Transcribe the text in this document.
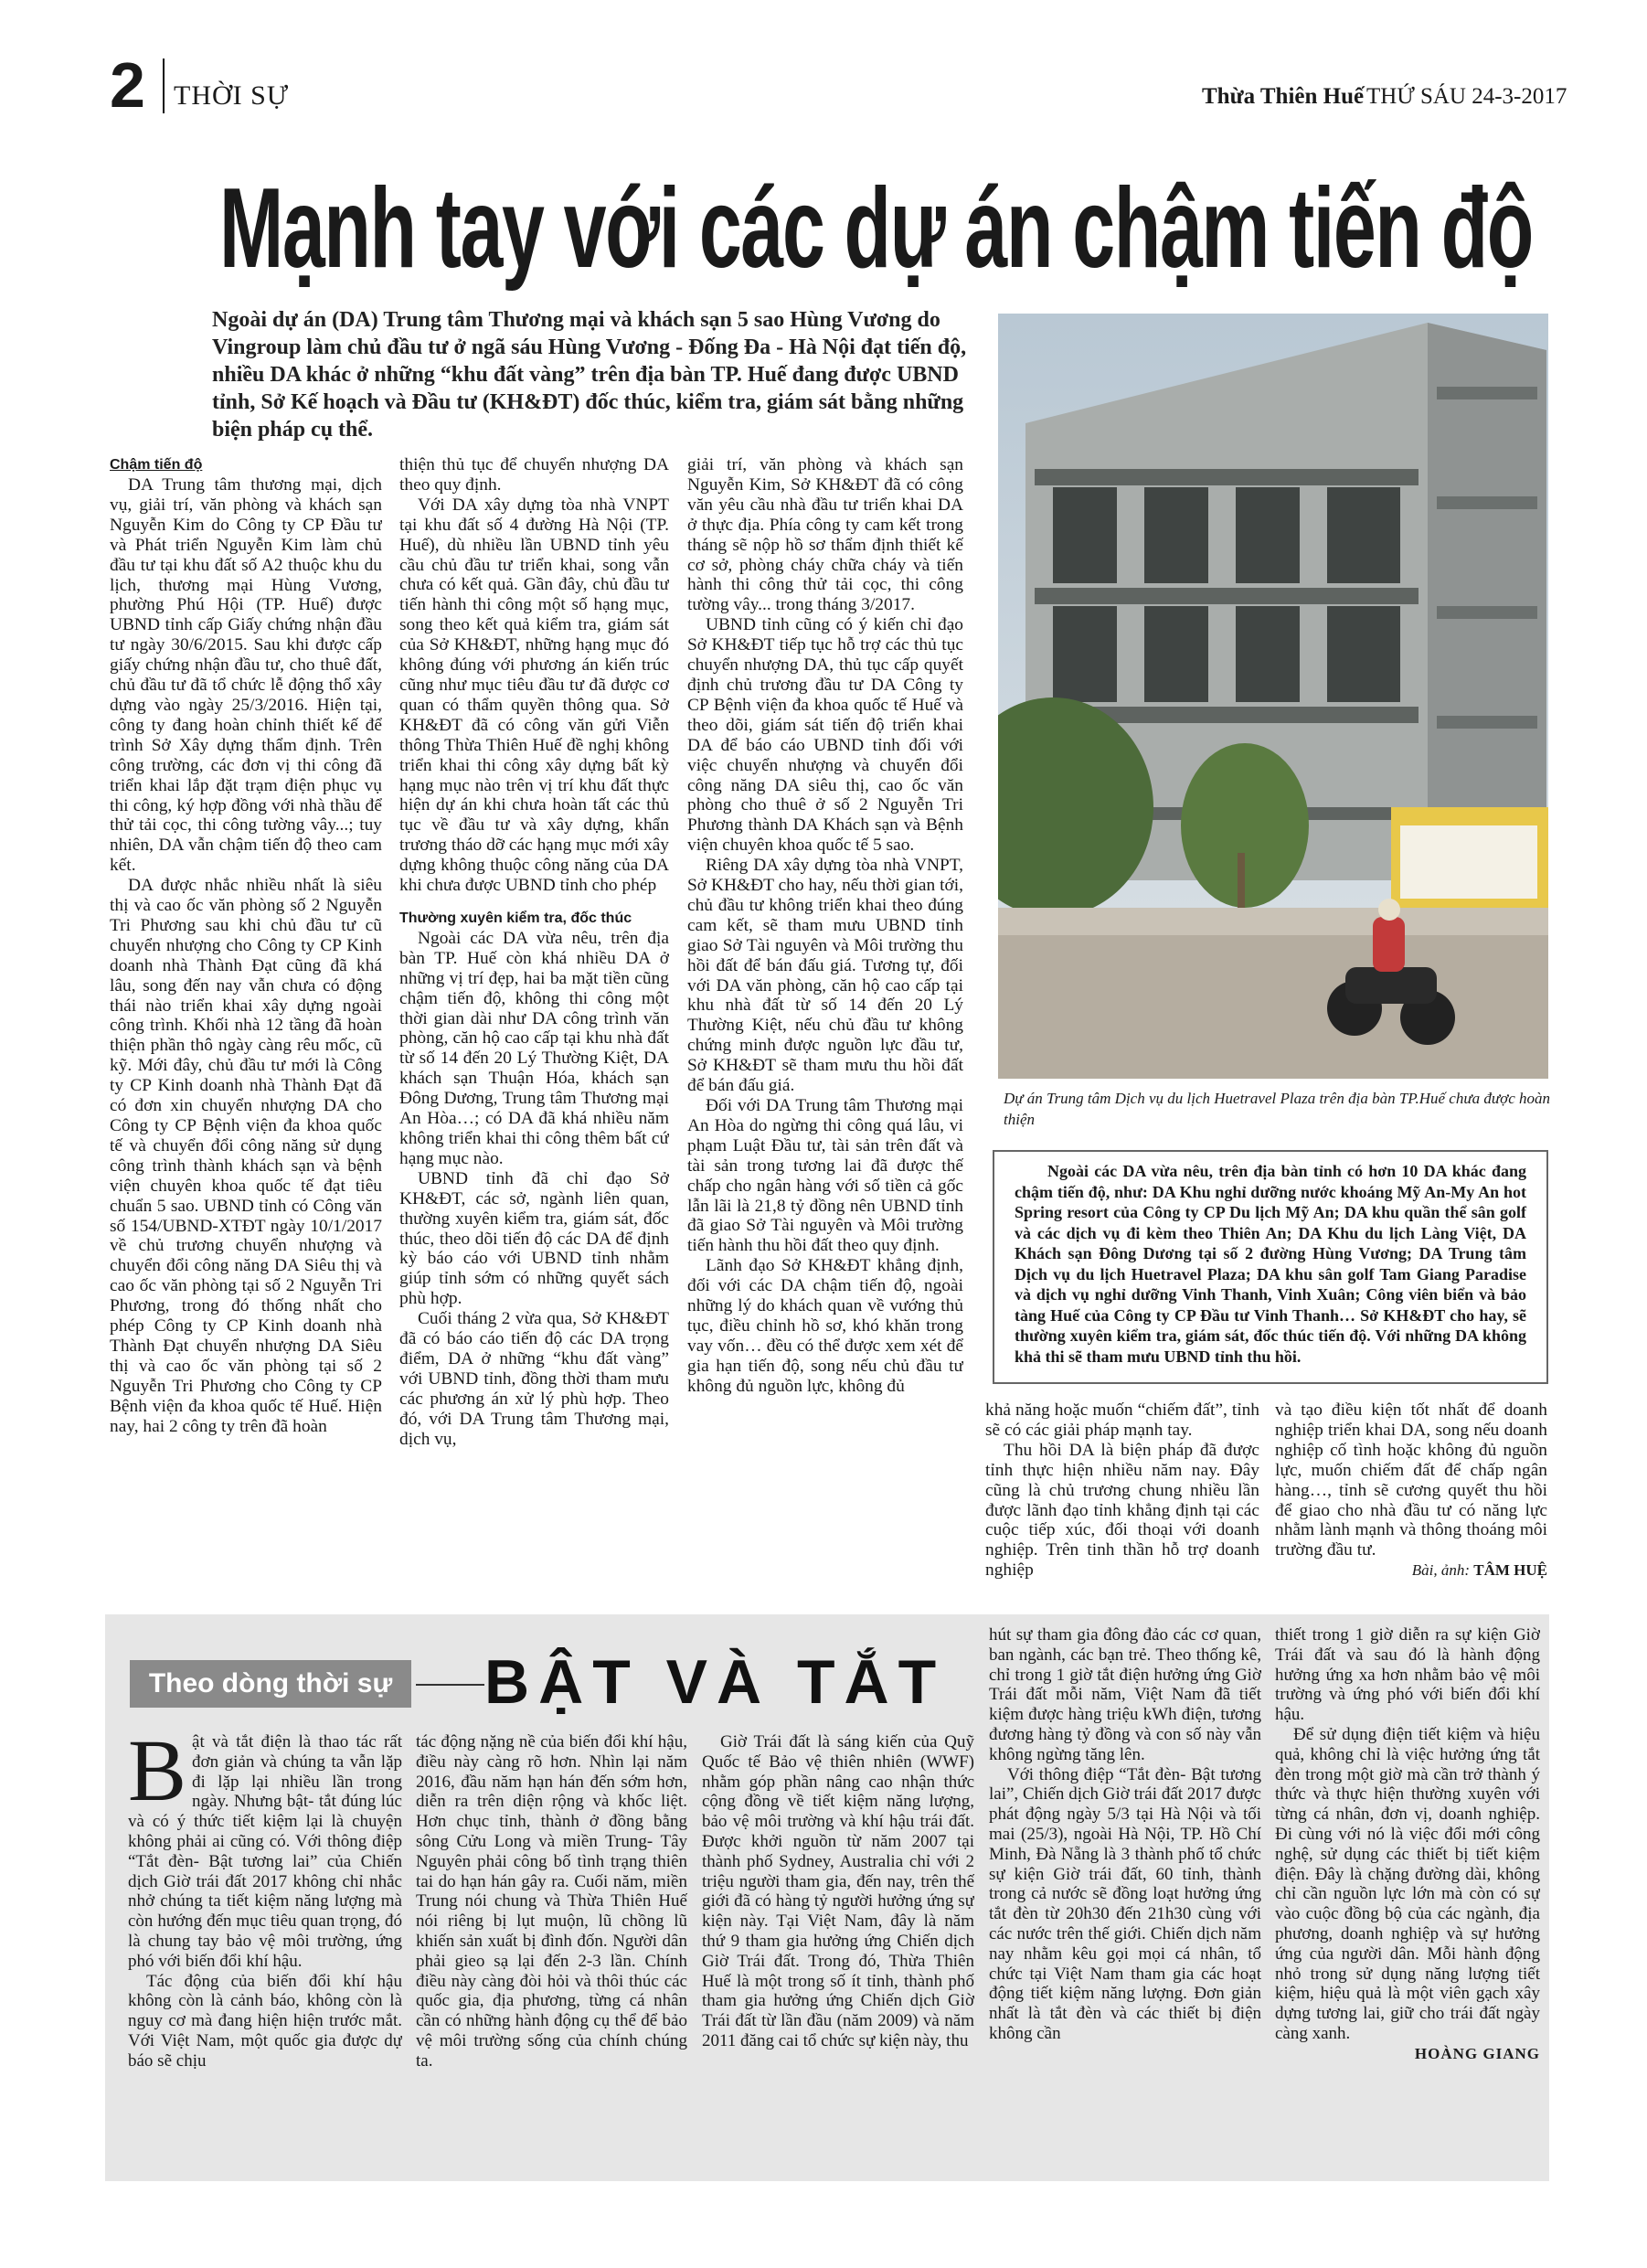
2 THỜI SỰ	Thừa Thiên Huế THỨ SÁU 24-3-2017
Mạnh tay với các dự án chậm tiến độ
Ngoài dự án (DA) Trung tâm Thương mại và khách sạn 5 sao Hùng Vương do Vingroup làm chủ đầu tư ở ngã sáu Hùng Vương - Đống Đa - Hà Nội đạt tiến độ, nhiều DA khác ở những “khu đất vàng” trên địa bàn TP. Huế đang được UBND tỉnh, Sở Kế hoạch và Đầu tư (KH&ĐT) đốc thúc, kiểm tra, giám sát bằng những biện pháp cụ thể.
Dự án Trung tâm Dịch vụ du lịch Huetravel Plaza trên địa bàn TP.Huế chưa được hoàn thiện

Chậm tiến độ

DA Trung tâm thương mại, dịch vụ, giải trí, văn phòng và khách sạn Nguyễn Kim do Công ty CP Đầu tư và Phát triển Nguyễn Kim làm chủ đầu tư tại khu đất số A2 thuộc khu du lịch, thương mại Hùng Vương, phường Phú Hội (TP. Huế) được UBND tỉnh cấp Giấy chứng nhận đầu tư ngày 30/6/2015. Sau khi được cấp giấy chứng nhận đầu tư, cho thuê đất, chủ đầu tư đã tổ chức lễ động thổ xây dựng vào ngày 25/3/2016. Hiện tại, công ty đang hoàn chỉnh thiết kế để trình Sở Xây dựng thẩm định. Trên công trường, các đơn vị thi công đã triển khai lắp đặt trạm điện phục vụ thi công, ký hợp đồng với nhà thầu để thử tải cọc, thi công tường vây...; tuy nhiên, DA vẫn chậm tiến độ theo cam kết.

DA được nhắc nhiều nhất là siêu thị và cao ốc văn phòng số 2 Nguyễn Tri Phương sau khi chủ đầu tư cũ chuyển nhượng cho Công ty CP Kinh doanh nhà Thành Đạt cũng đã khá lâu, song đến nay vẫn chưa có động thái nào triển khai xây dựng ngoài công trình. Khối nhà 12 tầng đã hoàn thiện phần thô ngày càng rêu mốc, cũ kỹ. Mới đây, chủ đầu tư mới là Công ty CP Kinh doanh nhà Thành Đạt đã có đơn xin chuyển nhượng DA cho Công ty CP Bệnh viện đa khoa quốc tế và chuyển đổi công năng sử dụng công trình thành khách sạn và bệnh viện chuyên khoa quốc tế đạt tiêu chuẩn 5 sao. UBND tỉnh có Công văn số 154/UBND-XTĐT ngày 10/1/2017 về chủ trương chuyển nhượng và chuyển đổi công năng DA Siêu thị và cao ốc văn phòng tại số 2 Nguyễn Tri Phương, trong đó thống nhất cho phép Công ty CP Kinh doanh nhà Thành Đạt chuyển nhượng DA Siêu thị và cao ốc văn phòng tại số 2 Nguyễn Tri Phương cho Công ty CP Bệnh viện đa khoa quốc tế Huế. Hiện nay, hai 2 công ty trên đã hoàn

thiện thủ tục để chuyển nhượng DA theo quy định.

Với DA xây dựng tòa nhà VNPT tại khu đất số 4 đường Hà Nội (TP. Huế), dù nhiều lần UBND tỉnh yêu cầu chủ đầu tư triển khai, song vẫn chưa có kết quả. Gần đây, chủ đầu tư tiến hành thi công một số hạng mục, song theo kết quả kiểm tra, giám sát của Sở KH&ĐT, những hạng mục đó không đúng với phương án kiến trúc cũng như mục tiêu đầu tư đã được cơ quan có thẩm quyền thông qua. Sở KH&ĐT đã có công văn gửi Viễn thông Thừa Thiên Huế đề nghị không triển khai thi công xây dựng bất kỳ hạng mục nào trên vị trí khu đất thực hiện dự án khi chưa hoàn tất các thủ tục về đầu tư và xây dựng, khẩn trương tháo dỡ các hạng mục mới xây dựng không thuộc công năng của DA khi chưa được UBND tỉnh cho phép

Thường xuyên kiểm tra, đốc thúc

Ngoài các DA vừa nêu, trên địa bàn TP. Huế còn khá nhiều DA ở những vị trí đẹp, hai ba mặt tiền cũng chậm tiến độ, không thi công một thời gian dài như DA công trình văn phòng, căn hộ cao cấp tại khu nhà đất từ số 14 đến 20 Lý Thường Kiệt, DA khách sạn Thuận Hóa, khách sạn Đông Dương, Trung tâm Thương mại An Hòa…; có DA đã khá nhiều năm không triển khai thi công thêm bất cứ hạng mục nào.

UBND tỉnh đã chỉ đạo Sở KH&ĐT, các sở, ngành liên quan, thường xuyên kiểm tra, giám sát, đốc thúc, theo dõi tiến độ các DA để định kỳ báo cáo với UBND tỉnh nhằm giúp tỉnh sớm có những quyết sách phù hợp.

Cuối tháng 2 vừa qua, Sở KH&ĐT đã có báo cáo tiến độ các DA trọng điểm, DA ở những “khu đất vàng” với UBND tỉnh, đồng thời tham mưu các phương án xử lý phù hợp. Theo đó, với DA Trung tâm Thương mại, dịch vụ,

giải trí, văn phòng và khách sạn Nguyễn Kim, Sở KH&ĐT đã có công văn yêu cầu nhà đầu tư triển khai DA ở thực địa. Phía công ty cam kết trong tháng sẽ nộp hồ sơ thẩm định thiết kế cơ sở, phòng cháy chữa cháy và tiến hành thi công thử tải cọc, thi công tường vây... trong tháng 3/2017.

UBND tỉnh cũng có ý kiến chỉ đạo Sở KH&ĐT tiếp tục hỗ trợ các thủ tục chuyển nhượng DA, thủ tục cấp quyết định chủ trương đầu tư DA Công ty CP Bệnh viện đa khoa quốc tế Huế và theo dõi, giám sát tiến độ triển khai DA để báo cáo UBND tỉnh đối với việc chuyển nhượng và chuyển đổi công năng DA siêu thị, cao ốc văn phòng cho thuê ở số 2 Nguyễn Tri Phương thành DA Khách sạn và Bệnh viện chuyên khoa quốc tế 5 sao.

Riêng DA xây dựng tòa nhà VNPT, Sở KH&ĐT cho hay, nếu thời gian tới, chủ đầu tư không triển khai theo đúng cam kết, sẽ tham mưu UBND tỉnh giao Sở Tài nguyên và Môi trường thu hồi đất để bán đấu giá. Tương tự, đối với DA văn phòng, căn hộ cao cấp tại khu nhà đất từ số 14 đến 20 Lý Thường Kiệt, nếu chủ đầu tư không chứng minh được nguồn lực đầu tư, Sở KH&ĐT sẽ tham mưu thu hồi đất để bán đấu giá.

Đối với DA Trung tâm Thương mại An Hòa do ngừng thi công quá lâu, vi phạm Luật Đầu tư, tài sản trên đất và tài sản trong tương lai đã được thế chấp cho ngân hàng với số tiền cả gốc lẫn lãi là 21,8 tỷ đồng nên UBND tỉnh đã giao Sở Tài nguyên và Môi trường tiến hành thu hồi đất theo quy định.

Lãnh đạo Sở KH&ĐT khẳng định, đối với các DA chậm tiến độ, ngoài những lý do khách quan về vướng thủ tục, điều chỉnh hồ sơ, khó khăn trong vay vốn… đều có thể được xem xét để gia hạn tiến độ, song nếu chủ đầu tư không đủ nguồn lực, không đủ

Ngoài các DA vừa nêu, trên địa bàn tỉnh có hơn 10 DA khác đang chậm tiến độ, như: DA Khu nghỉ dưỡng nước khoáng Mỹ An-My An hot Spring resort của Công ty CP Du lịch Mỹ An; DA khu quần thể sân golf và các dịch vụ đi kèm theo Thiên An; DA Khu du lịch Làng Việt, DA Khách sạn Đông Dương tại số 2 đường Hùng Vương; DA Trung tâm Dịch vụ du lịch Huetravel Plaza; DA khu sân golf Tam Giang Paradise và dịch vụ nghỉ dưỡng Vinh Thanh, Vinh Xuân; Công viên biển và bảo tàng Huế của Công ty CP Đầu tư Vinh Thanh… Sở KH&ĐT cho hay, sẽ thường xuyên kiểm tra, giám sát, đốc thúc tiến độ. Với những DA không khả thi sẽ tham mưu UBND tỉnh thu hồi.

khả năng hoặc muốn “chiếm đất”, tỉnh sẽ có các giải pháp mạnh tay.

Thu hồi DA là biện pháp đã được tỉnh thực hiện nhiều năm nay. Đây cũng là chủ trương chung nhiều lần được lãnh đạo tỉnh khẳng định tại các cuộc tiếp xúc, đối thoại với doanh nghiệp. Trên tinh thần hỗ trợ doanh nghiệp

và tạo điều kiện tốt nhất để doanh nghiệp triển khai DA, song nếu doanh nghiệp cố tình hoặc không đủ nguồn lực, muốn chiếm đất để chấp ngân hàng…, tỉnh sẽ cương quyết thu hồi để giao cho nhà đầu tư có năng lực nhằm lành mạnh và thông thoáng môi trường đầu tư.

Bài, ảnh: TÂM HUỆ

Theo dòng thời sự	BẬT VÀ TẮT
B ật và tắt điện là thao tác rất đơn giản và chúng ta vẫn lặp đi lặp lại nhiều lần trong ngày. Nhưng bật- tắt đúng lúc và có ý thức tiết kiệm lại là chuyện không phải ai cũng có. Với thông điệp “Tắt đèn- Bật tương lai” của Chiến dịch Giờ trái đất 2017 không chỉ nhắc nhở chúng ta tiết kiệm năng lượng mà còn hướng đến mục tiêu quan trọng, đó là chung tay bảo vệ môi trường, ứng phó với biến đổi khí hậu.

Tác động của biến đổi khí hậu không còn là cảnh báo, không còn là nguy cơ mà đang hiện hiện trước mắt. Với Việt Nam, một quốc gia được dự báo sẽ chịu

tác động nặng nề của biến đổi khí hậu, điều này càng rõ hơn. Nhìn lại năm 2016, đầu năm hạn hán đến sớm hơn, diễn ra trên diện rộng và khốc liệt. Hơn chục tỉnh, thành ở đồng bằng sông Cửu Long và miền Trung- Tây Nguyên phải công bố tình trạng thiên tai do hạn hán gây ra. Cuối năm, miền Trung nói chung và Thừa Thiên Huế nói riêng bị lụt muộn, lũ chồng lũ khiến sản xuất bị đình đốn. Người dân phải gieo sạ lại đến 2-3 lần. Chính điều này càng đòi hỏi và thôi thúc các quốc gia, địa phương, từng cá nhân cần có những hành động cụ thể để bảo vệ môi trường sống của chính chúng ta.

Giờ Trái đất là sáng kiến của Quỹ Quốc tế Bảo vệ thiên nhiên (WWF) nhằm góp phần nâng cao nhận thức cộng đồng về tiết kiệm năng lượng, bảo vệ môi trường và khí hậu trái đất. Được khởi nguồn từ năm 2007 tại thành phố Sydney, Australia chỉ với 2 triệu người tham gia, đến nay, trên thế giới đã có hàng tỷ người hưởng ứng sự kiện này. Tại Việt Nam, đây là năm thứ 9 tham gia hưởng ứng Chiến dịch Giờ Trái đất. Trong đó, Thừa Thiên Huế là một trong số ít tỉnh, thành phố tham gia hưởng ứng Chiến dịch Giờ Trái đất từ lần đầu (năm 2009) và năm 2011 đăng cai tổ chức sự kiện này, thu

hút sự tham gia đông đảo các cơ quan, ban ngành, các bạn trẻ. Theo thống kê, chỉ trong 1 giờ tắt điện hưởng ứng Giờ Trái đất mỗi năm, Việt Nam đã tiết kiệm được hàng triệu kWh điện, tương đương hàng tỷ đồng và con số này vẫn không ngừng tăng lên.

Với thông điệp “Tắt đèn- Bật tương lai”, Chiến dịch Giờ trái đất 2017 được phát động ngày 5/3 tại Hà Nội và tối mai (25/3), ngoài Hà Nội, TP. Hồ Chí Minh, Đà Nẵng là 3 thành phố tổ chức sự kiện Giờ trái đất, 60 tỉnh, thành trong cả nước sẽ đồng loạt hưởng ứng tắt đèn từ 20h30 đến 21h30 cùng với các nước trên thế giới. Chiến dịch năm nay nhằm kêu gọi mọi cá nhân, tổ chức tại Việt Nam tham gia các hoạt động tiết kiệm năng lượng. Đơn giản nhất là tắt đèn và các thiết bị điện không cần

thiết trong 1 giờ diễn ra sự kiện Giờ Trái đất và sau đó là hành động hưởng ứng xa hơn nhằm bảo vệ môi trường và ứng phó với biến đổi khí hậu.

Để sử dụng điện tiết kiệm và hiệu quả, không chỉ là việc hưởng ứng tắt đèn trong một giờ mà cần trở thành ý thức và thực hiện thường xuyên với từng cá nhân, đơn vị, doanh nghiệp. Đi cùng với nó là việc đổi mới công nghệ, sử dụng các thiết bị tiết kiệm điện. Đây là chặng đường dài, không chỉ cần nguồn lực lớn mà còn có sự vào cuộc đồng bộ của các ngành, địa phương, doanh nghiệp và sự hưởng ứng của người dân. Mỗi hành động nhỏ trong sử dụng năng lượng tiết kiệm, hiệu quả là một viên gạch xây dựng tương lai, giữ cho trái đất ngày càng xanh.

HOÀNG GIANG
